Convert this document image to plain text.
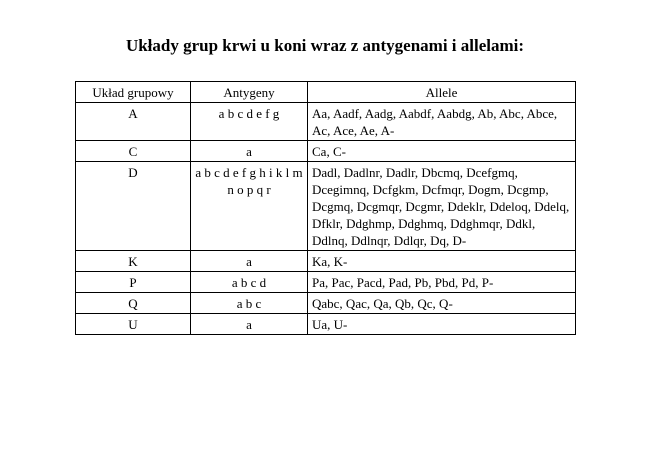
Układy grup krwi u koni wraz z antygenami i allelami:
Układ grupowy	Antygeny	Allele
A	a b c d e f g	Aa, Aadf, Aadg, Aabdf, Aabdg, Ab, Abc, Abce, Ac, Ace, Ae, A-
C	a	Ca, C-
D	a b c d e f g h i k l m n o p q r	Dadl, Dadlnr, Dadlr, Dbcmq, Dcefgmq, Dcegimnq, Dcfgkm, Dcfmqr, Dogm, Dcgmp, Dcgmq, Dcgmqr, Dcgmr, Ddeklr, Ddeloq, Ddelq, Dfklr, Ddghmp, Ddghmq, Ddghmqr, Ddkl, Ddlnq, Ddlnqr, Ddlqr, Dq, D-
K	a	Ka, K-
P	a b c d	Pa, Pac, Pacd, Pad, Pb, Pbd, Pd, P-
Q	a b c	Qabc, Qac, Qa, Qb, Qc, Q-
U	a	Ua, U-
